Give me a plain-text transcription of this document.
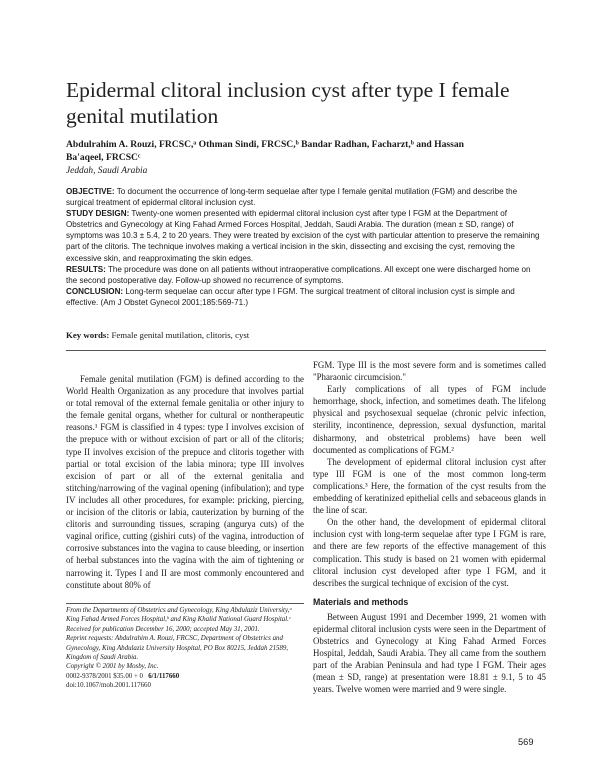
Epidermal clitoral inclusion cyst after type I female genital mutilation
Abdulrahim A. Rouzi, FRCSC,ᵃ Othman Sindi, FRCSC,ᵇ Bandar Radhan, Facharzt,ᵇ and Hassan
Ba'aqeel, FRCSCᶜ
Jeddah, Saudi Arabia

OBJECTIVE: To document the occurrence of long-term sequelae after type I female genital mutilation (FGM) and describe the surgical treatment of epidermal clitoral inclusion cyst.

STUDY DESIGN: Twenty-one women presented with epidermal clitoral inclusion cyst after type I FGM at the Department of Obstetrics and Gynecology at King Fahad Armed Forces Hospital, Jeddah, Saudi Arabia. The duration (mean ± SD, range) of symptoms was 10.3 ± 5.4, 2 to 20 years. They were treated by excision of the cyst with particular attention to preserve the remaining part of the clitoris. The technique involves making a vertical incision in the skin, dissecting and excising the cyst, removing the excessive skin, and reapproximating the skin edges.

RESULTS: The procedure was done on all patients without intraoperative complications. All except one were discharged home on the second postoperative day. Follow-up showed no recurrence of symptoms.

CONCLUSION: Long-term sequelae can occur after type I FGM. The surgical treatment of clitoral inclusion cyst is simple and effective. (Am J Obstet Gynecol 2001;185:569-71.)

Key words: Female genital mutilation, clitoris, cyst

Female genital mutilation (FGM) is defined according to the World Health Organization as any procedure that involves partial or total removal of the external female genitalia or other injury to the female genital organs, whether for cultural or nontherapeutic reasons.¹ FGM is classified in 4 types: type I involves excision of the prepuce with or without excision of part or all of the clitoris; type II involves excision of the prepuce and clitoris together with partial or total excision of the labia minora; type III involves excision of part or all of the external genitalia and stitching/narrowing of the vaginal opening (infibulation); and type IV includes all other procedures, for example: pricking, piercing, or incision of the clitoris or labia, cauterization by burning of the clitoris and surrounding tissues, scraping (angurya cuts) of the vaginal orifice, cutting (gishiri cuts) of the vagina, introduction of corrosive substances into the vagina to cause bleeding, or insertion of herbal substances into the vagina with the aim of tightening or narrowing it. Types I and II are most commonly encountered and constitute about 80% of

FGM. Type III is the most severe form and is sometimes called "Pharaonic circumcision."

Early complications of all types of FGM include hemorrhage, shock, infection, and sometimes death. The lifelong physical and psychosexual sequelae (chronic pelvic infection, sterility, incontinence, depression, sexual dysfunction, marital disharmony, and obstetrical problems) have been well documented as complications of FGM.²

The development of epidermal clitoral inclusion cyst after type III FGM is one of the most common long-term complications.³ Here, the formation of the cyst results from the embedding of keratinized epithelial cells and sebaceous glands in the line of scar.

On the other hand, the development of epidermal clitoral inclusion cyst with long-term sequelae after type I FGM is rare, and there are few reports of the effective management of this complication. This study is based on 21 women with epidermal clitoral inclusion cyst developed after type I FGM, and it describes the surgical technique of excision of the cyst.

Materials and methods

Between August 1991 and December 1999, 21 women with epidermal clitoral inclusion cysts were seen in the Department of Obstetrics and Gynecology at King Fahad Armed Forces Hospital, Jeddah, Saudi Arabia. They all came from the southern part of the Arabian Peninsula and had type I FGM. Their ages (mean ± SD, range) at presentation were 18.81 ± 9.1, 5 to 45 years. Twelve women were married and 9 were single.

From the Departments of Obstetrics and Gynecology, King Abdulaziz University,ᵃ King Fahad Armed Forces Hospital,ᵇ and King Khalid National Guard Hospital.ᶜ

Received for publication December 16, 2000; accepted May 31, 2001.

Reprint requests: Abdulrahim A. Rouzi, FRCSC, Department of Obstetrics and Gynecology, King Abdulaziz University Hospital, PO Box 80215, Jeddah 21589, Kingdom of Saudi Arabia.

Copyright © 2001 by Mosby, Inc.

0002-9378/2001 $35.00 + 0 6/1/117660

doi:10.1067/mob.2001.117660

569
